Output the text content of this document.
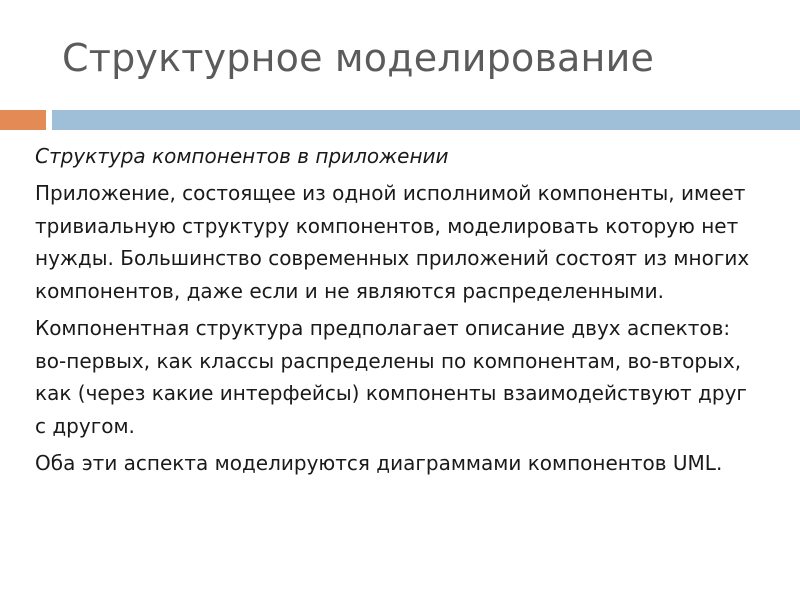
Структурное моделирование

Структура компонентов в приложении

Приложение, состоящее из одной исполнимой компоненты, имеет тривиальную структуру компонентов, моделировать которую нет нужды. Большинство современных приложений состоят из многих компонентов, даже если и не являются распределенными.

Компонентная структура предполагает описание двух аспектов: во-первых, как классы распределены по компонентам, во-вторых, как (через какие интерфейсы) компоненты взаимодействуют друг с другом.

Оба эти аспекта моделируются диаграммами компонентов UML.
